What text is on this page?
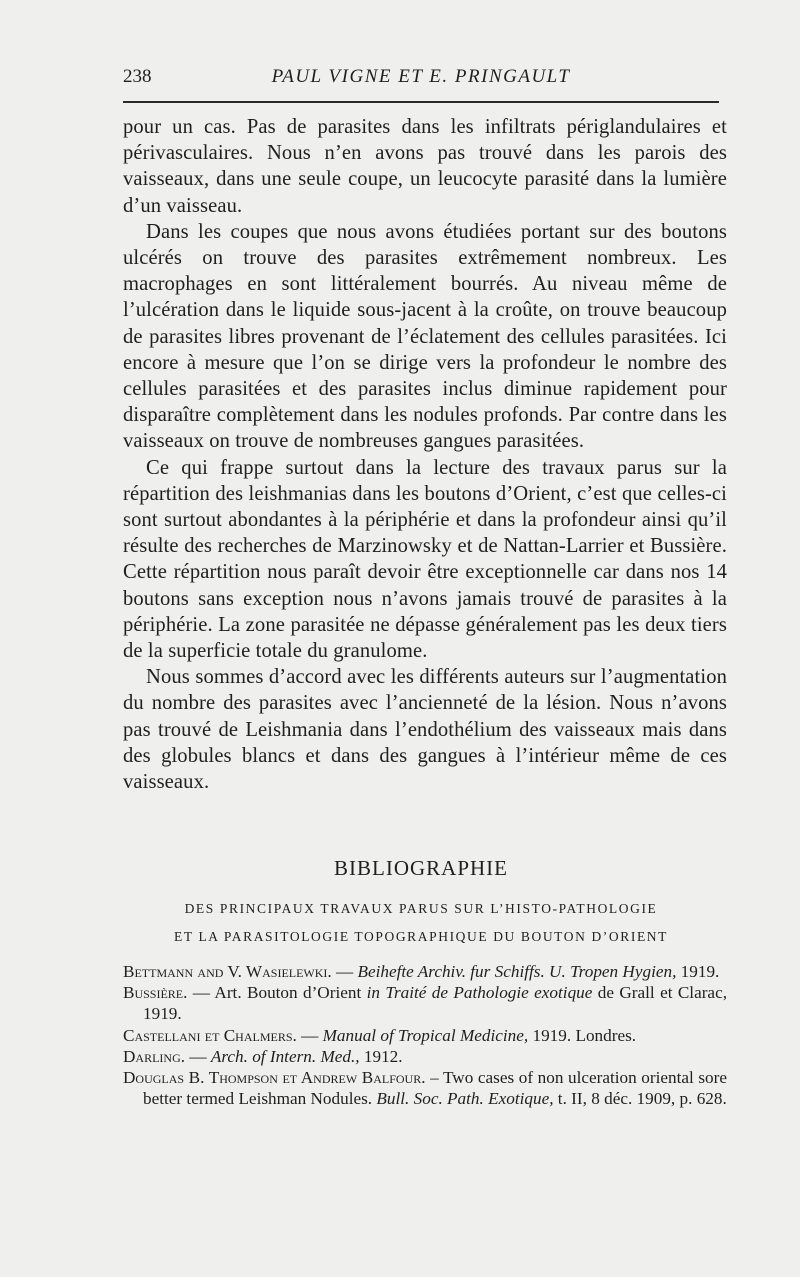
238	PAUL VIGNE ET E. PRINGAULT

pour un cas. Pas de parasites dans les infiltrats périglandulaires et périvasculaires. Nous n’en avons pas trouvé dans les parois des vaisseaux, dans une seule coupe, un leucocyte parasité dans la lumière d’un vaisseau.

Dans les coupes que nous avons étudiées portant sur des boutons ulcérés on trouve des parasites extrêmement nombreux. Les macrophages en sont littéralement bourrés. Au niveau même de l’ulcération dans le liquide sous-jacent à la croûte, on trouve beaucoup de parasites libres provenant de l’éclatement des cellules parasitées. Ici encore à mesure que l’on se dirige vers la profondeur le nombre des cellules parasitées et des parasites inclus diminue rapidement pour disparaître complètement dans les nodules profonds. Par contre dans les vaisseaux on trouve de nombreuses gangues parasitées.

Ce qui frappe surtout dans la lecture des travaux parus sur la répartition des leishmanias dans les boutons d’Orient, c’est que celles-ci sont surtout abondantes à la périphérie et dans la profondeur ainsi qu’il résulte des recherches de Marzinowsky et de Nattan-Larrier et Bussière. Cette répartition nous paraît devoir être exceptionnelle car dans nos 14 boutons sans exception nous n’avons jamais trouvé de parasites à la périphérie. La zone parasitée ne dépasse généralement pas les deux tiers de la superficie totale du granulome.

Nous sommes d’accord avec les différents auteurs sur l’augmentation du nombre des parasites avec l’ancienneté de la lésion. Nous n’avons pas trouvé de Leishmania dans l’endothélium des vaisseaux mais dans des globules blancs et dans des gangues à l’intérieur même de ces vaisseaux.

BIBLIOGRAPHIE
DES PRINCIPAUX TRAVAUX PARUS SUR L’HISTO-PATHOLOGIE
ET LA PARASITOLOGIE TOPOGRAPHIQUE DU BOUTON D’ORIENT

Bettmann and V. Wasielewki. — Beihefte Archiv. fur Schiffs. U. Tropen Hygien, 1919.

Bussière. — Art. Bouton d’Orient in Traité de Pathologie exotique de Grall et Clarac, 1919.

Castellani et Chalmers. — Manual of Tropical Medicine, 1919. Londres.

Darling. — Arch. of Intern. Med., 1912.

Douglas B. Thompson et Andrew Balfour. – Two cases of non ulceration oriental sore better termed Leishman Nodules. Bull. Soc. Path. Exotique, t. II, 8 déc. 1909, p. 628.
